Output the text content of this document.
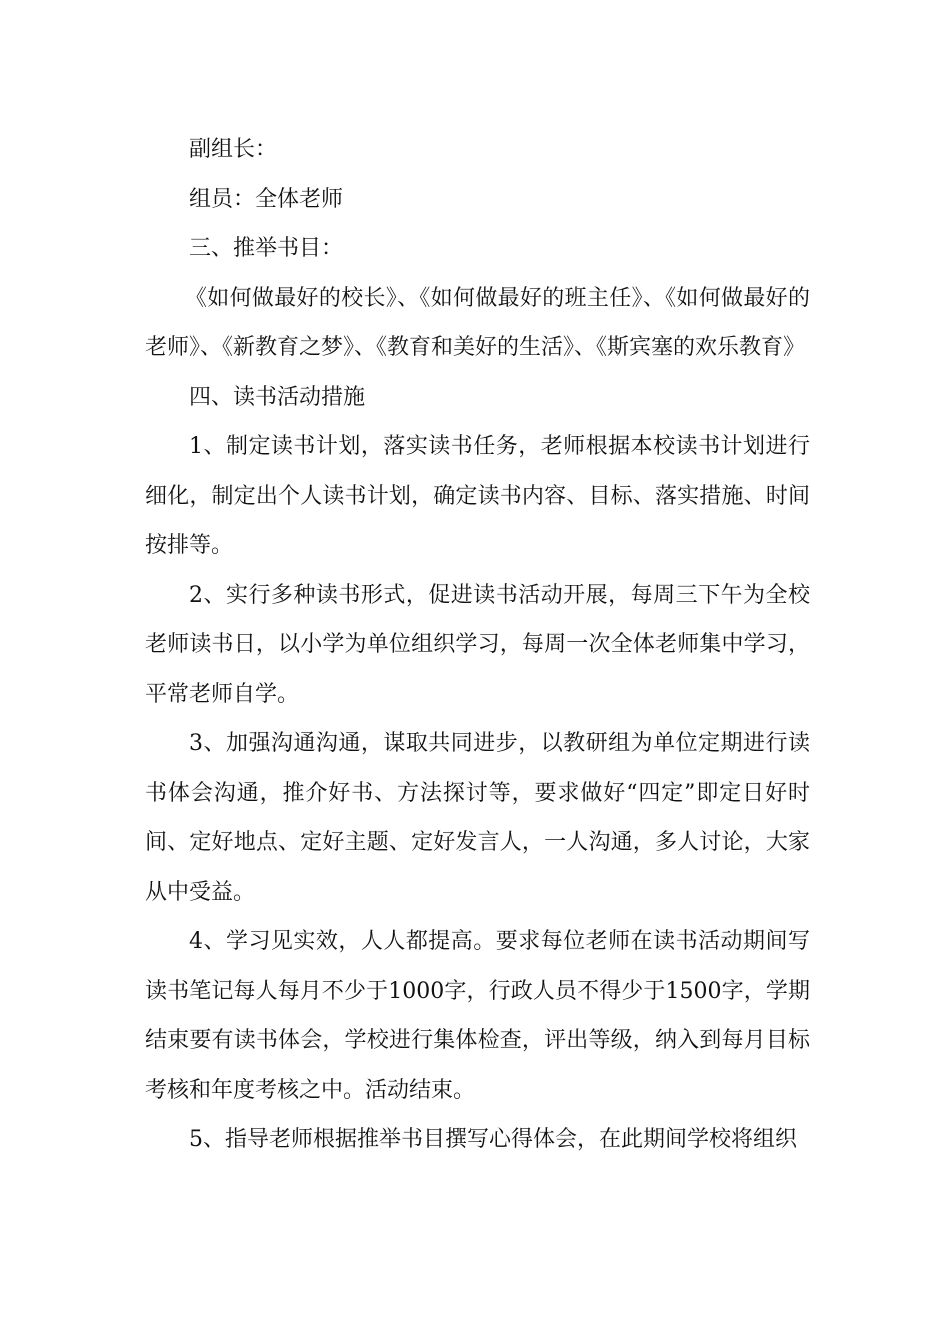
副组长：

组员：全体老师

三、推举书目：

《如何做最好的校长》、《如何做最好的班主任》、《如何做最好的老师》、《新教育之梦》、《教育和美好的生活》、《斯宾塞的欢乐教育》

四、读书活动措施

1、制定读书计划，落实读书任务，老师根据本校读书计划进行细化，制定出个人读书计划，确定读书内容、目标、落实措施、时间按排等。

2、实行多种读书形式，促进读书活动开展，每周三下午为全校老师读书日，以小学为单位组织学习，每周一次全体老师集中学习，平常老师自学。

3、加强沟通沟通，谋取共同进步，以教研组为单位定期进行读书体会沟通，推介好书、方法探讨等，要求做好“四定”即定日好时间、定好地点、定好主题、定好发言人，一人沟通，多人讨论，大家从中受益。

4、学习见实效，人人都提高。要求每位老师在读书活动期间写读书笔记每人每月不少于1000字，行政人员不得少于1500字，学期结束要有读书体会，学校进行集体检查，评出等级，纳入到每月目标考核和年度考核之中。活动结束。

5、指导老师根据推举书目撰写心得体会，在此期间学校将组织
